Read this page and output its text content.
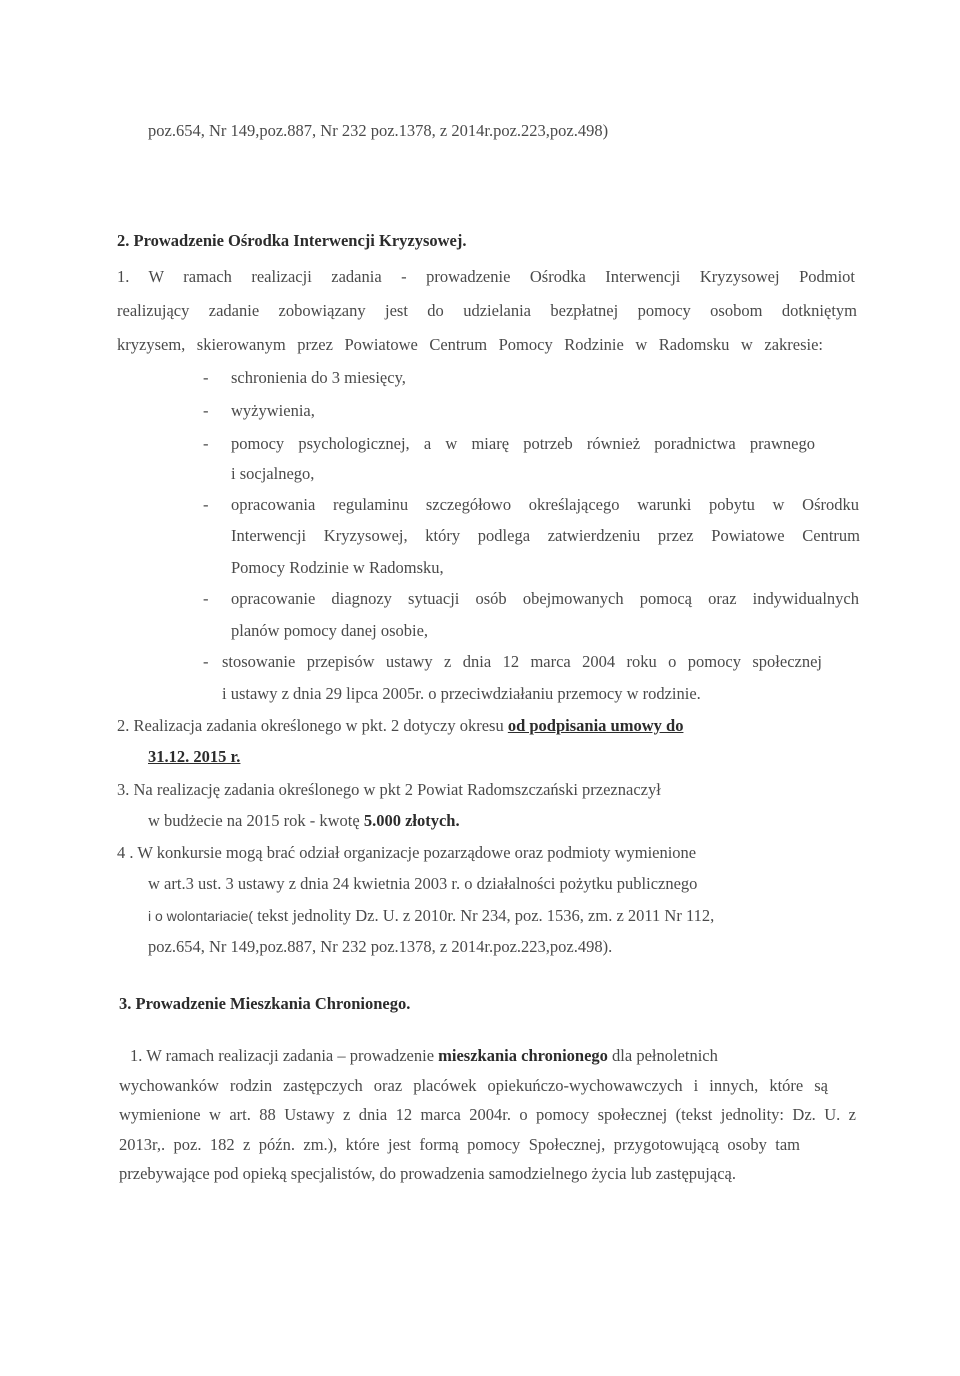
poz.654, Nr 149,poz.887, Nr 232 poz.1378, z 2014r.poz.223,poz.498)
2. Prowadzenie Ośrodka Interwencji Kryzysowej.
1. W ramach realizacji zadania - prowadzenie Ośrodka Interwencji Kryzysowej Podmiot
realizujący zadanie zobowiązany jest do udzielania bezpłatnej pomocy osobom dotkniętym
kryzysem, skierowanym przez Powiatowe Centrum Pomocy Rodzinie w Radomsku w zakresie:
- schronienia do 3 miesięcy,
- wyżywienia,
- pomocy psychologicznej, a w miarę potrzeb również poradnictwa prawnego
i socjalnego,
- opracowania regulaminu szczegółowo określającego warunki pobytu w Ośrodku
Interwencji Kryzysowej, który podlega zatwierdzeniu przez Powiatowe Centrum
Pomocy Rodzinie w Radomsku,
- opracowanie diagnozy sytuacji osób obejmowanych pomocą oraz indywidualnych
planów pomocy danej osobie,
- stosowanie przepisów ustawy z dnia 12 marca 2004 roku o pomocy społecznej
i ustawy z dnia 29 lipca 2005r. o przeciwdziałaniu przemocy w rodzinie.
2. Realizacja zadania określonego w pkt. 2 dotyczy okresu od podpisania umowy do
31.12. 2015 r.
3. Na realizację zadania określonego w pkt 2 Powiat Radomszczański przeznaczył
w budżecie na 2015 rok - kwotę 5.000 złotych.
4 . W konkursie mogą brać odział organizacje pozarządowe oraz podmioty wymienione
w art.3 ust. 3 ustawy z dnia 24 kwietnia 2003 r. o działalności pożytku publicznego
i o wolontariacie( tekst jednolity Dz. U. z 2010r. Nr 234, poz. 1536, zm. z 2011 Nr 112,
poz.654, Nr 149,poz.887, Nr 232 poz.1378, z 2014r.poz.223,poz.498).
3. Prowadzenie Mieszkania Chronionego.
1. W ramach realizacji zadania – prowadzenie mieszkania chronionego dla pełnoletnich
wychowanków rodzin zastępczych oraz placówek opiekuńczo-wychowawczych i innych, które są
wymienione w art. 88 Ustawy z dnia 12 marca 2004r. o pomocy społecznej (tekst jednolity: Dz. U. z
2013r,. poz. 182 z późn. zm.), które jest formą pomocy Społecznej, przygotowującą osoby tam
przebywające pod opieką specjalistów, do prowadzenia samodzielnego życia lub zastępującą.
